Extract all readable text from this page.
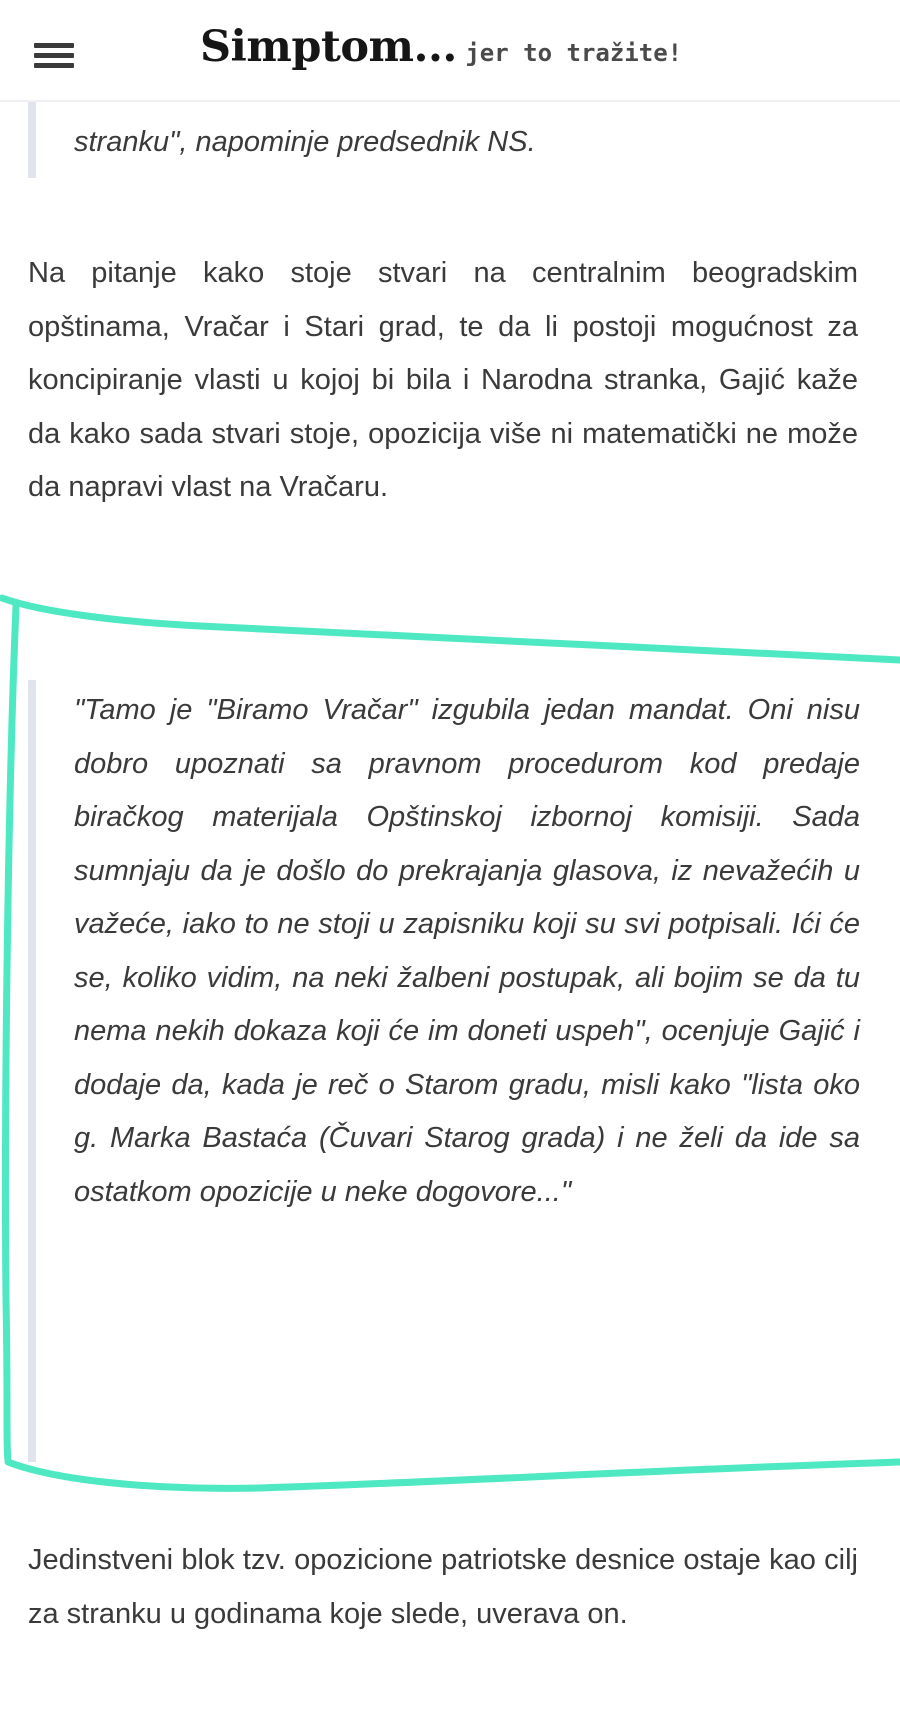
stranku", napominje predsednik NS.

Na pitanje kako stoje stvari na centralnim beogradskim opštinama, Vračar i Stari grad, te da li postoji mogućnost za koncipiranje vlasti u kojoj bi bila i Narodna stranka, Gajić kaže da kako sada stvari stoje, opozicija više ni matematički ne može da napravi vlast na Vračaru.

"Tamo je "Biramo Vračar" izgubila jedan mandat. Oni nisu dobro upoznati sa pravnom procedurom kod predaje biračkog materijala Opštinskoj izbornoj komisiji. Sada sumnjaju da je došlo do prekrajanja glasova, iz nevažećih u važeće, iako to ne stoji u zapisniku koji su svi potpisali. Ići će se, koliko vidim, na neki žalbeni postupak, ali bojim se da tu nema nekih dokaza koji će im doneti uspeh", ocenjuje Gajić i dodaje da, kada je reč o Starom gradu, misli kako "lista oko g. Marka Bastaća (Čuvari Starog grada) i ne želi da ide sa ostatkom opozicije u neke dogovore..."

Jedinstveni blok tzv. opozicione patriotske desnice ostaje kao cilj za stranku u godinama koje slede, uverava on.

Simptom... jer to tražite!
